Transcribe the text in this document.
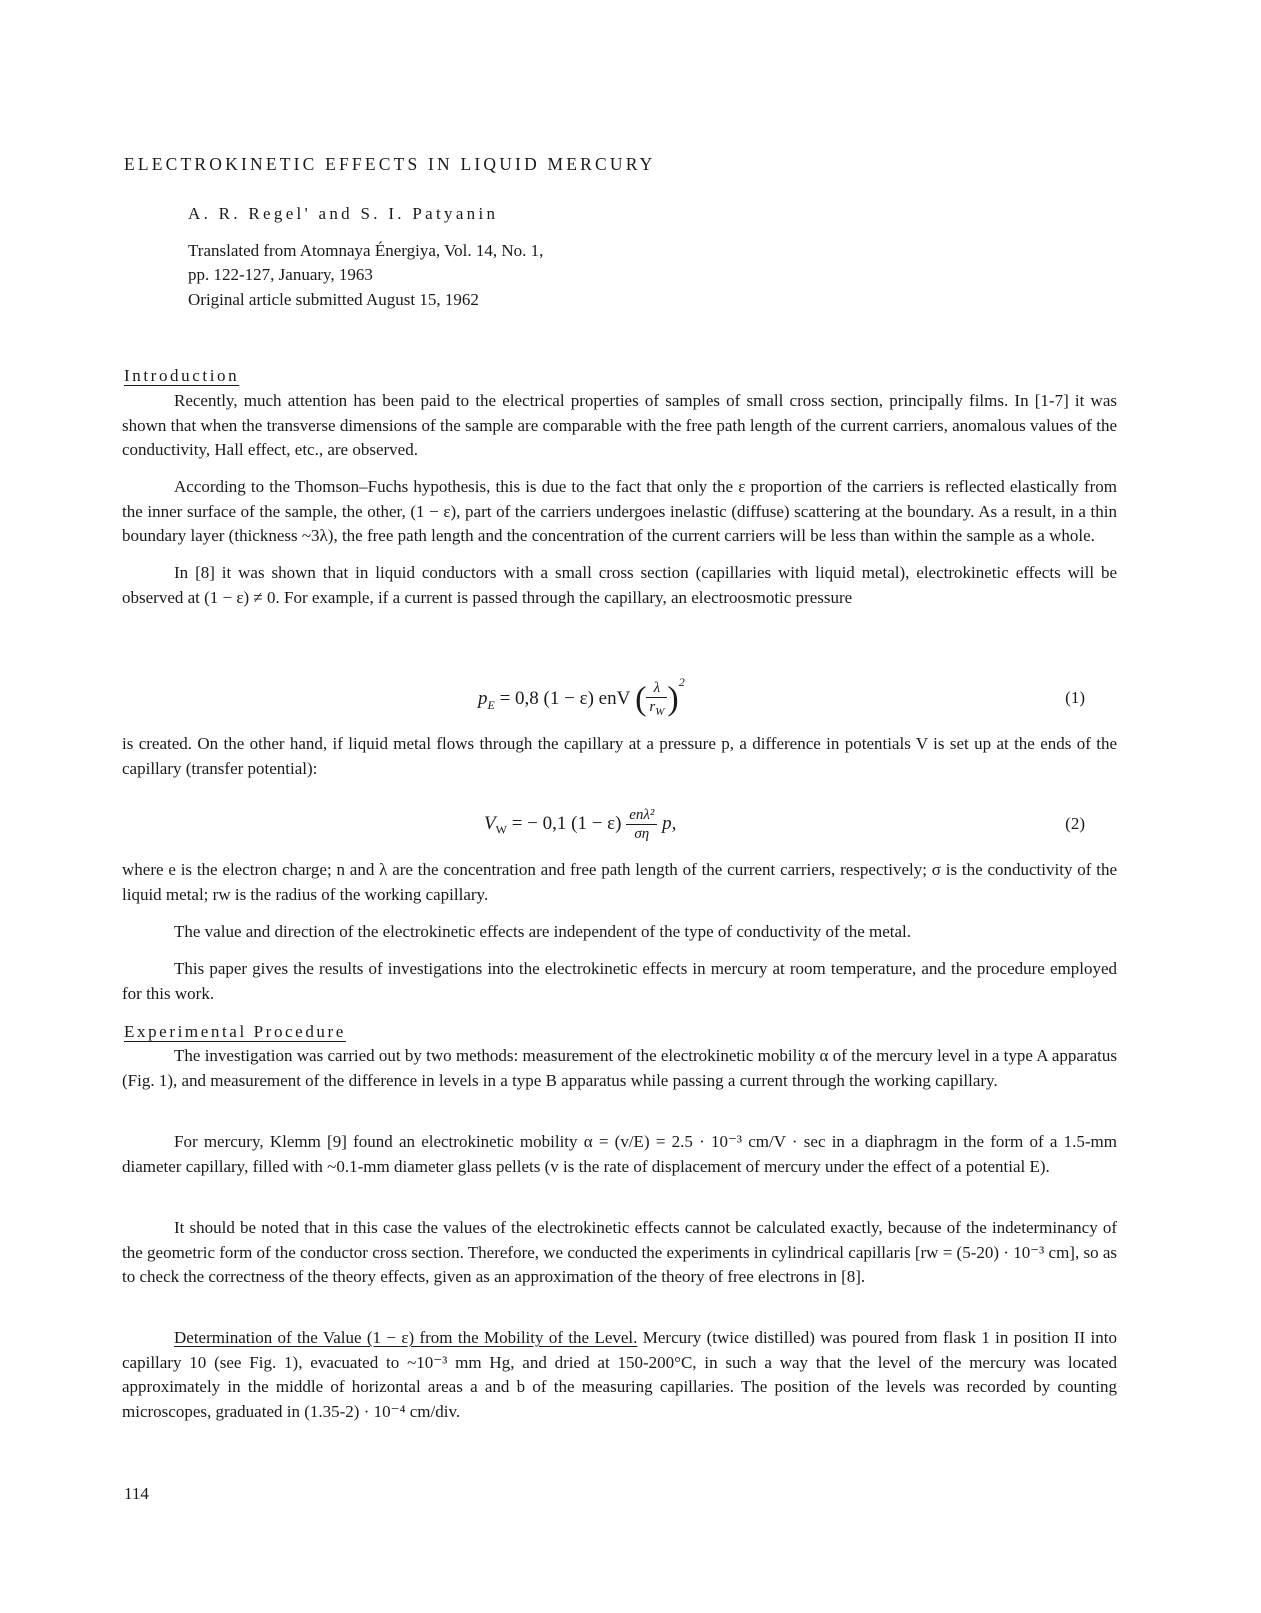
ELECTROKINETIC EFFECTS IN LIQUID MERCURY
A. R. Regel' and S. I. Patyanin
Translated from Atomnaya Énergiya, Vol. 14, No. 1,
pp. 122-127, January, 1963
Original article submitted August 15, 1962
Introduction
Recently, much attention has been paid to the electrical properties of samples of small cross section, principally films. In [1-7] it was shown that when the transverse dimensions of the sample are comparable with the free path length of the current carriers, anomalous values of the conductivity, Hall effect, etc., are observed.
According to the Thomson–Fuchs hypothesis, this is due to the fact that only the ε proportion of the carriers is reflected elastically from the inner surface of the sample, the other, (1 − ε), part of the carriers undergoes inelastic (diffuse) scattering at the boundary. As a result, in a thin boundary layer (thickness ~3λ), the free path length and the concentration of the current carriers will be less than within the sample as a whole.
In [8] it was shown that in liquid conductors with a small cross section (capillaries with liquid metal), electrokinetic effects will be observed at (1 − ε) ≠ 0. For example, if a current is passed through the capillary, an electroosmotic pressure
$p_E = 0,8$ (1 − ε) enV ( $\frac{\lambda}{r_W} )^2$
(1)
is created. On the other hand, if liquid metal flows through the capillary at a pressure p, a difference in potentials V is set up at the ends of the capillary (transfer potential):
$V_W$ = − 0,1 $(1 - \varepsilon) \frac{\text{enλ²}}{\sigma\eta} p$,	(2)
where e is the electron charge; n and λ are the concentration and free path length of the current carriers, respectively; σ is the conductivity of the liquid metal; rw is the radius of the working capillary.
The value and direction of the electrokinetic effects are independent of the type of conductivity of the metal.
This paper gives the results of investigations into the electrokinetic effects in mercury at room temperature, and the procedure employed for this work.
Experimental Procedure
The investigation was carried out by two methods: measurement of the electrokinetic mobility α of the mercury level in a type A apparatus (Fig. 1), and measurement of the difference in levels in a type B apparatus while passing a current through the working capillary.
For mercury, Klemm [9] found an electrokinetic mobility α = (v/E) = 2.5 · 10⁻³ cm/V · sec in a diaphragm in the form of a 1.5-mm diameter capillary, filled with ~0.1-mm diameter glass pellets (v is the rate of displacement of mercury under the effect of a potential E).
It should be noted that in this case the values of the electrokinetic effects cannot be calculated exactly, because of the indeterminancy of the geometric form of the conductor cross section. Therefore, we conducted the experiments in cylindrical capillaris [rw = (5-20) · 10⁻³ cm], so as to check the correctness of the theory effects, given as an approximation of the theory of free electrons in [8].
Determination of the Value (1 − ε) from the Mobility of the Level. Mercury (twice distilled) was poured from flask 1 in position II into capillary 10 (see Fig. 1), evacuated to ~10⁻³ mm Hg, and dried at 150-200°C, in such a way that the level of the mercury was located approximately in the middle of horizontal areas a and b of the measuring capillaries. The position of the levels was recorded by counting microscopes, graduated in (1.35-2) · 10⁻⁴ cm/div.
114
